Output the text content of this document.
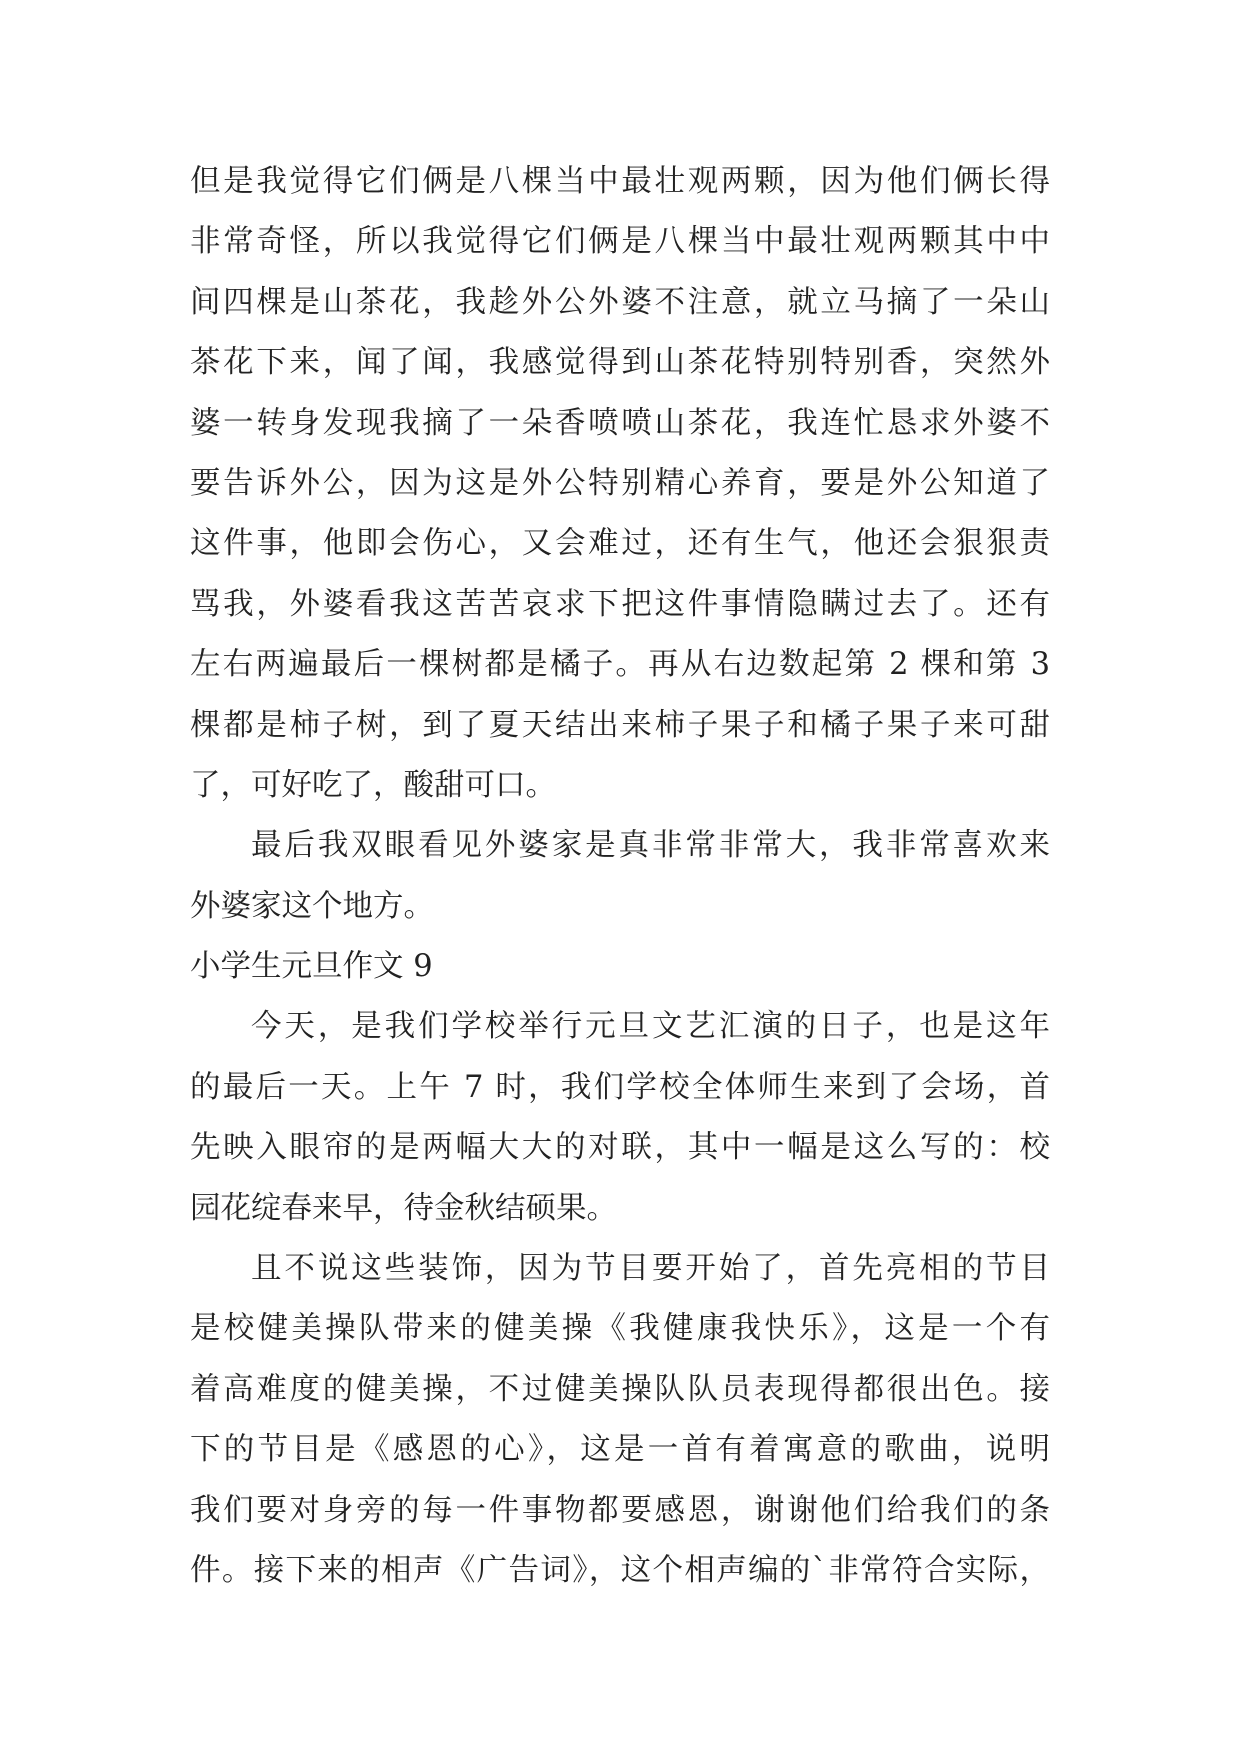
但是我觉得它们俩是八棵当中最壮观两颗，因为他们俩长得
非常奇怪，所以我觉得它们俩是八棵当中最壮观两颗其中中
间四棵是山茶花，我趁外公外婆不注意，就立马摘了一朵山
茶花下来，闻了闻，我感觉得到山茶花特别特别香，突然外
婆一转身发现我摘了一朵香喷喷山茶花，我连忙恳求外婆不
要告诉外公，因为这是外公特别精心养育，要是外公知道了
这件事，他即会伤心，又会难过，还有生气，他还会狠狠责
骂我，外婆看我这苦苦哀求下把这件事情隐瞒过去了。还有
左右两遍最后一棵树都是橘子。再从右边数起第 2 棵和第 3
棵都是柿子树，到了夏天结出来柿子果子和橘子果子来可甜
了，可好吃了，酸甜可口。
最后我双眼看见外婆家是真非常非常大，我非常喜欢来
外婆家这个地方。
小学生元旦作文 9
今天，是我们学校举行元旦文艺汇演的日子，也是这年
的最后一天。上午 7 时，我们学校全体师生来到了会场，首
先映入眼帘的是两幅大大的对联，其中一幅是这么写的：校
园花绽春来早，待金秋结硕果。
且不说这些装饰，因为节目要开始了，首先亮相的节目
是校健美操队带来的健美操《我健康我快乐》，这是一个有
着高难度的健美操，不过健美操队队员表现得都很出色。接
下的节目是《感恩的心》，这是一首有着寓意的歌曲，说明
我们要对身旁的每一件事物都要感恩，谢谢他们给我们的条
件。接下来的相声《广告词》，这个相声编的`非常符合实际，
